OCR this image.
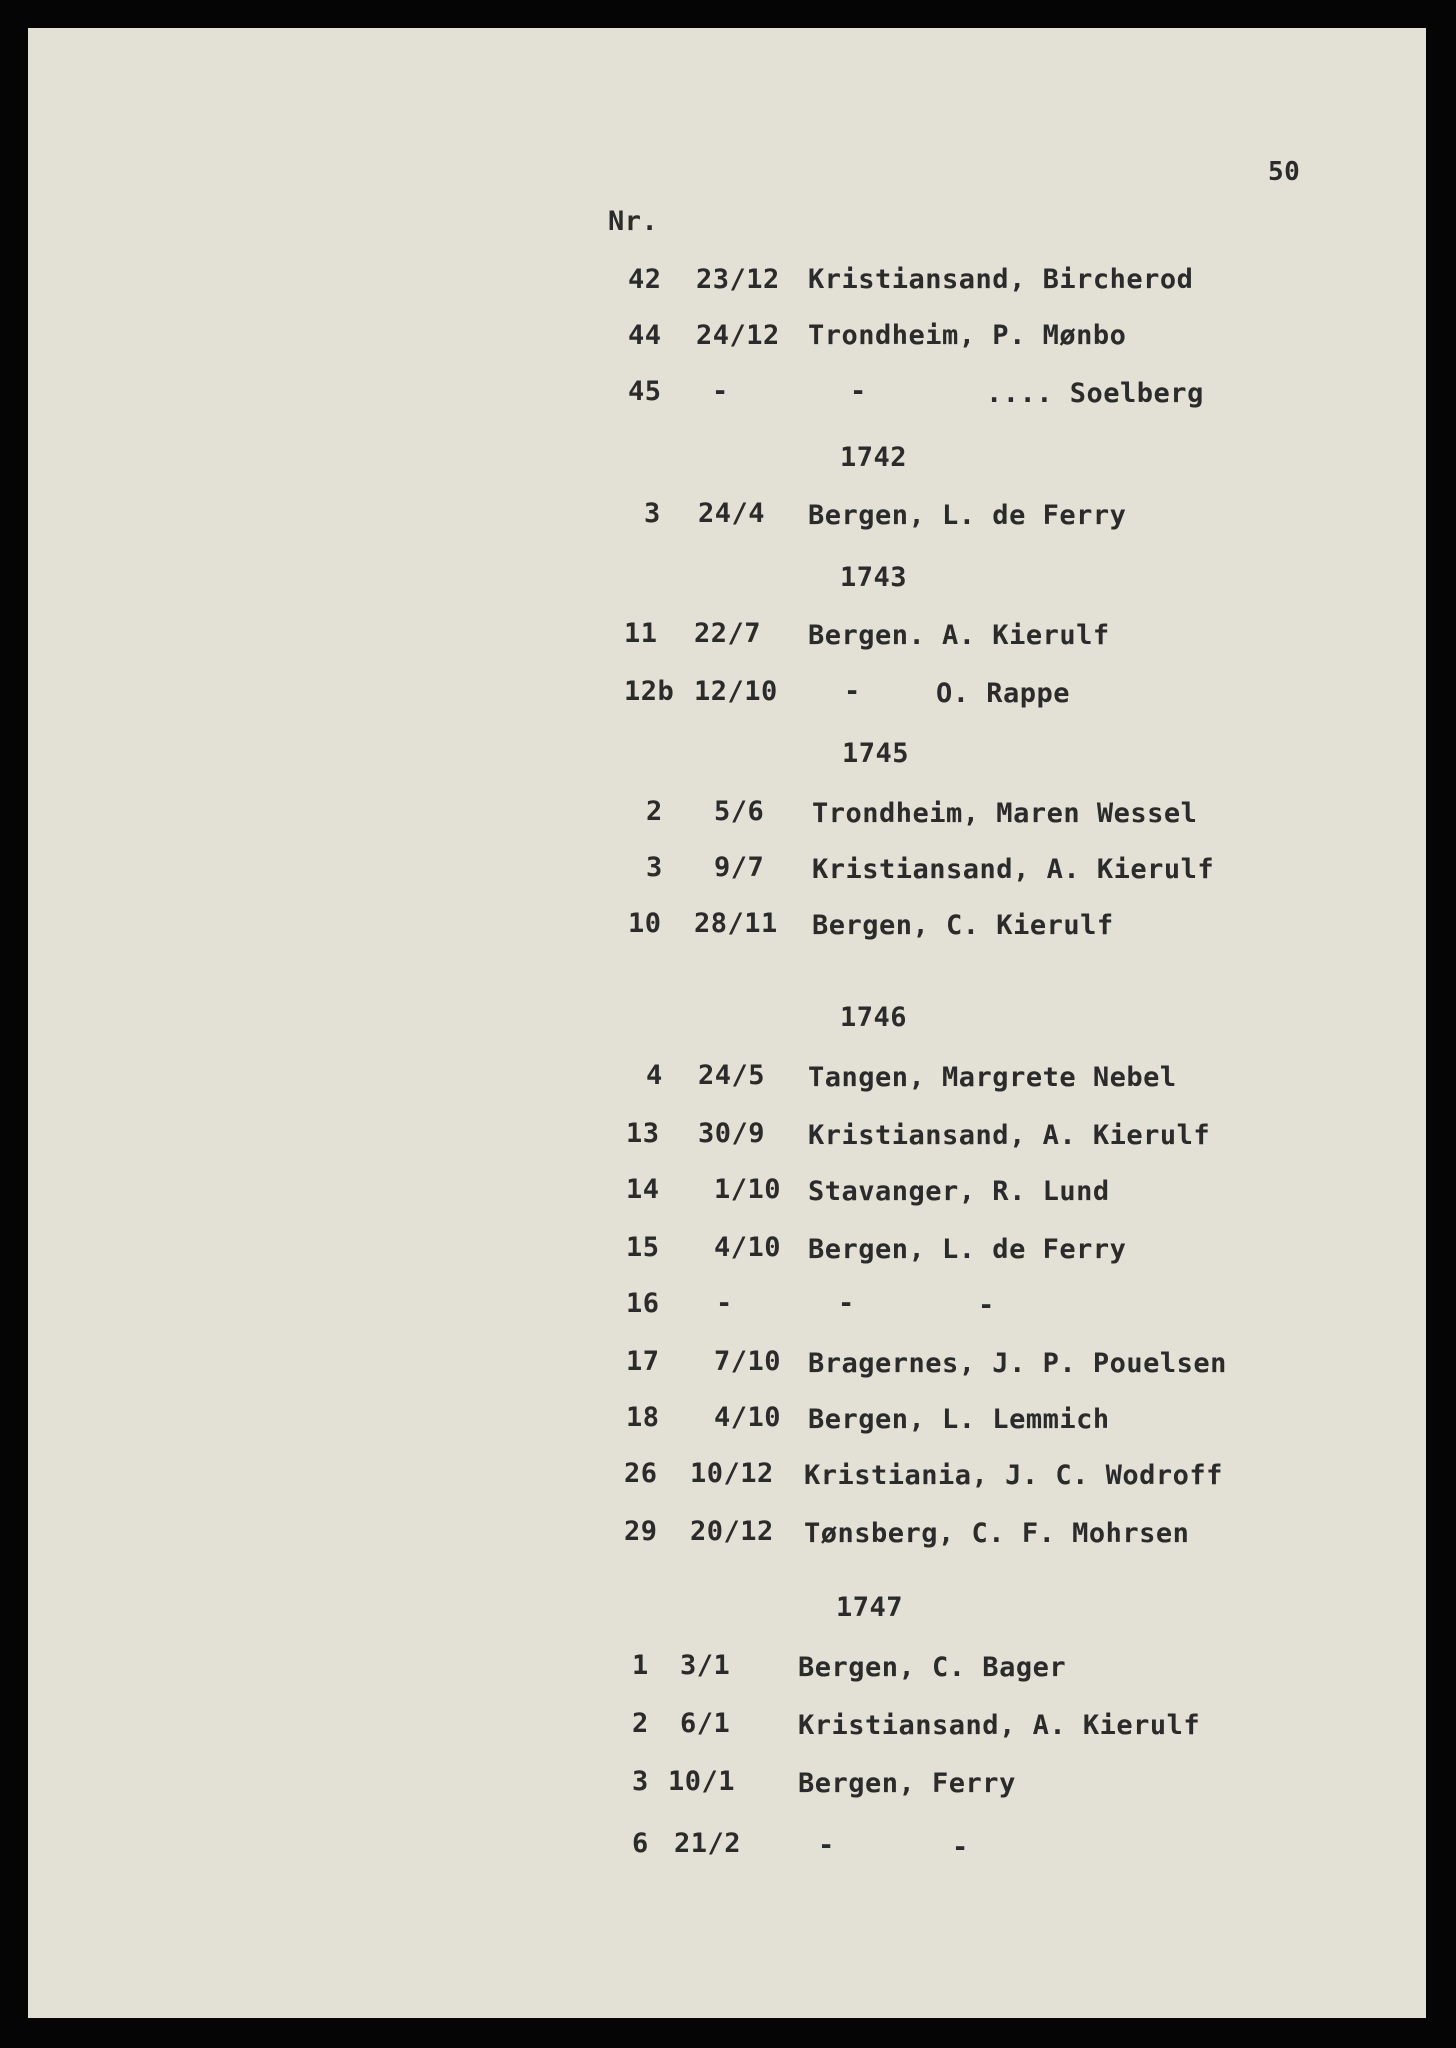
50
Nr.
42 23/12 Kristiansand, Bircherod
44 24/12 Trondheim, P. Mønbo
45 -	-	.... Soelberg
1742
3 24/4 Bergen, L. de Ferry
1743
11 22/7 Bergen. A. Kierulf
12b 12/10 -	O. Rappe
1745
2 5/6 Trondheim, Maren Wessel
3 9/7 Kristiansand, A. Kierulf
10 28/11 Bergen, C. Kierulf
1746
4 24/5 Tangen, Margrete Nebel
13 30/9 Kristiansand, A. Kierulf
14 1/10 Stavanger, R. Lund
15 4/10 Bergen, L. de Ferry
16 -	-	-
17 7/10 Bragernes, J. P. Pouelsen
18 4/10 Bergen, L. Lemmich
26 10/12 Kristiania, J. C. Wodroff
29 20/12 Tønsberg, C. F. Mohrsen
1747
1 3/1	Bergen, C. Bager
2 6/1	Kristiansand, A. Kierulf
3 10/1 Bergen, Ferry
6 21/2	-	-
